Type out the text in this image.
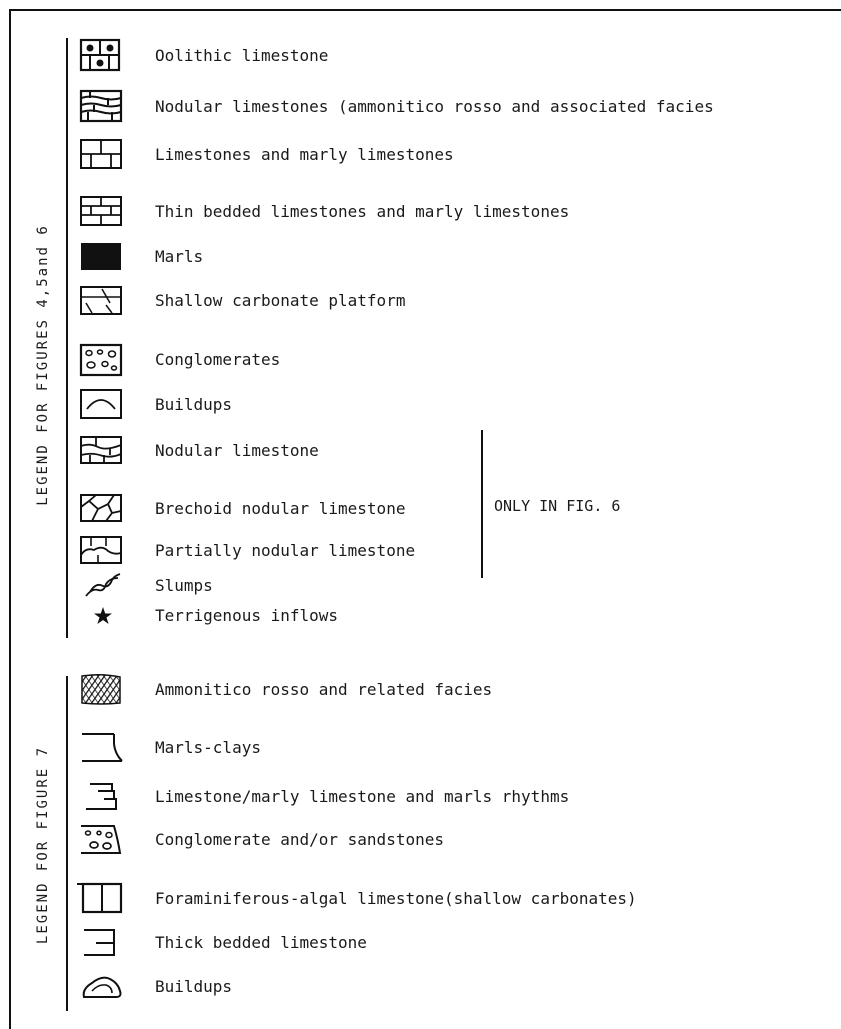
LEGEND FOR FIGURES 4,5and 6
Oolithic limestone
Nodular limestones (ammonitico rosso and associated facies
Limestones and marly limestones
Thin bedded limestones and marly limestones
Marls
Shallow carbonate platform
Conglomerates
Buildups
Nodular limestone
Brechoid nodular limestone
Partially nodular limestone
Slumps
Terrigenous inflows
ONLY IN FIG. 6
LEGEND FOR FIGURE 7
Ammonitico rosso and related facies
Marls-clays
Limestone/marly limestone and marls rhythms
Conglomerate and/or sandstones
Foraminiferous-algal limestone(shallow carbonates)
Thick bedded limestone
Buildups
